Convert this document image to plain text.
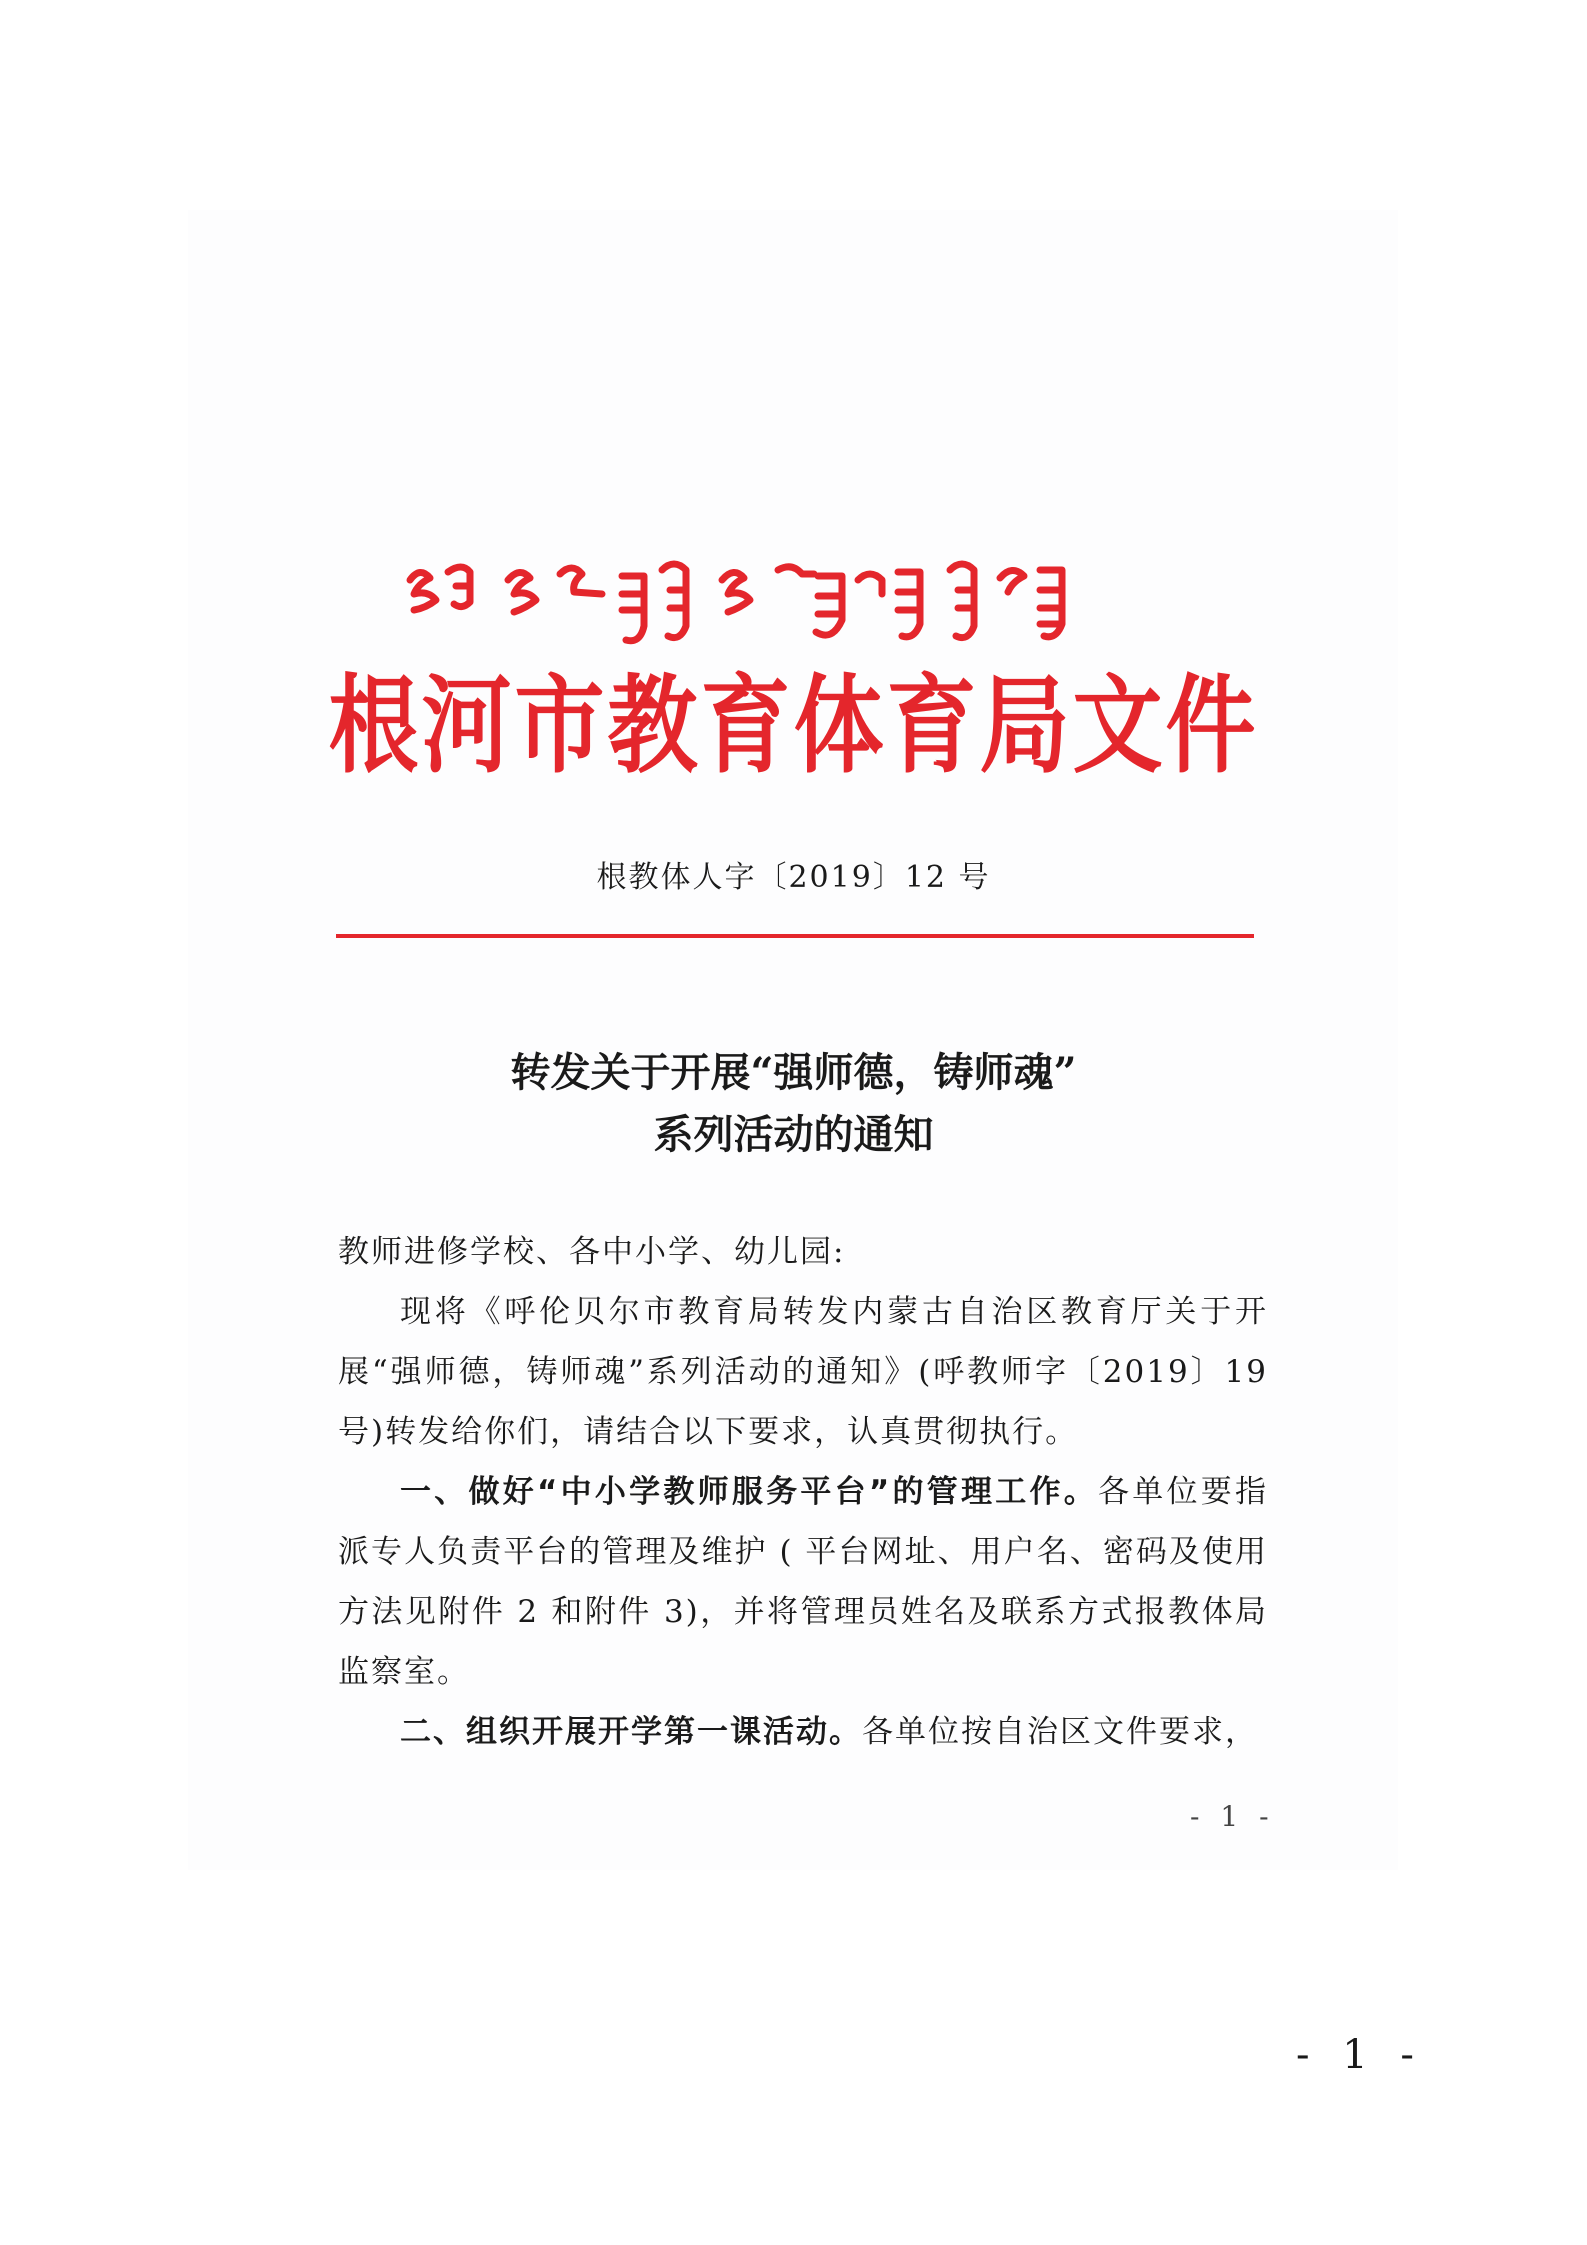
根河市教育体育局文件
根教体人字〔2019〕12 号
转发关于开展“强师德，铸师魂”
系列活动的通知

教师进修学校、各中小学、幼儿园:

现将《呼伦贝尔市教育局转发内蒙古自治区教育厅关于开展“强师德，铸师魂”系列活动的通知》(呼教师字〔2019〕19 号)转发给你们，请结合以下要求，认真贯彻执行。

一、做好“中小学教师服务平台”的管理工作。各单位要指派专人负责平台的管理及维护 ( 平台网址、用户名、密码及使用方法见附件 2 和附件 3)，并将管理员姓名及联系方式报教体局监察室。

二、组织开展开学第一课活动。各单位按自治区文件要求，

- 1 -
- 1 -
